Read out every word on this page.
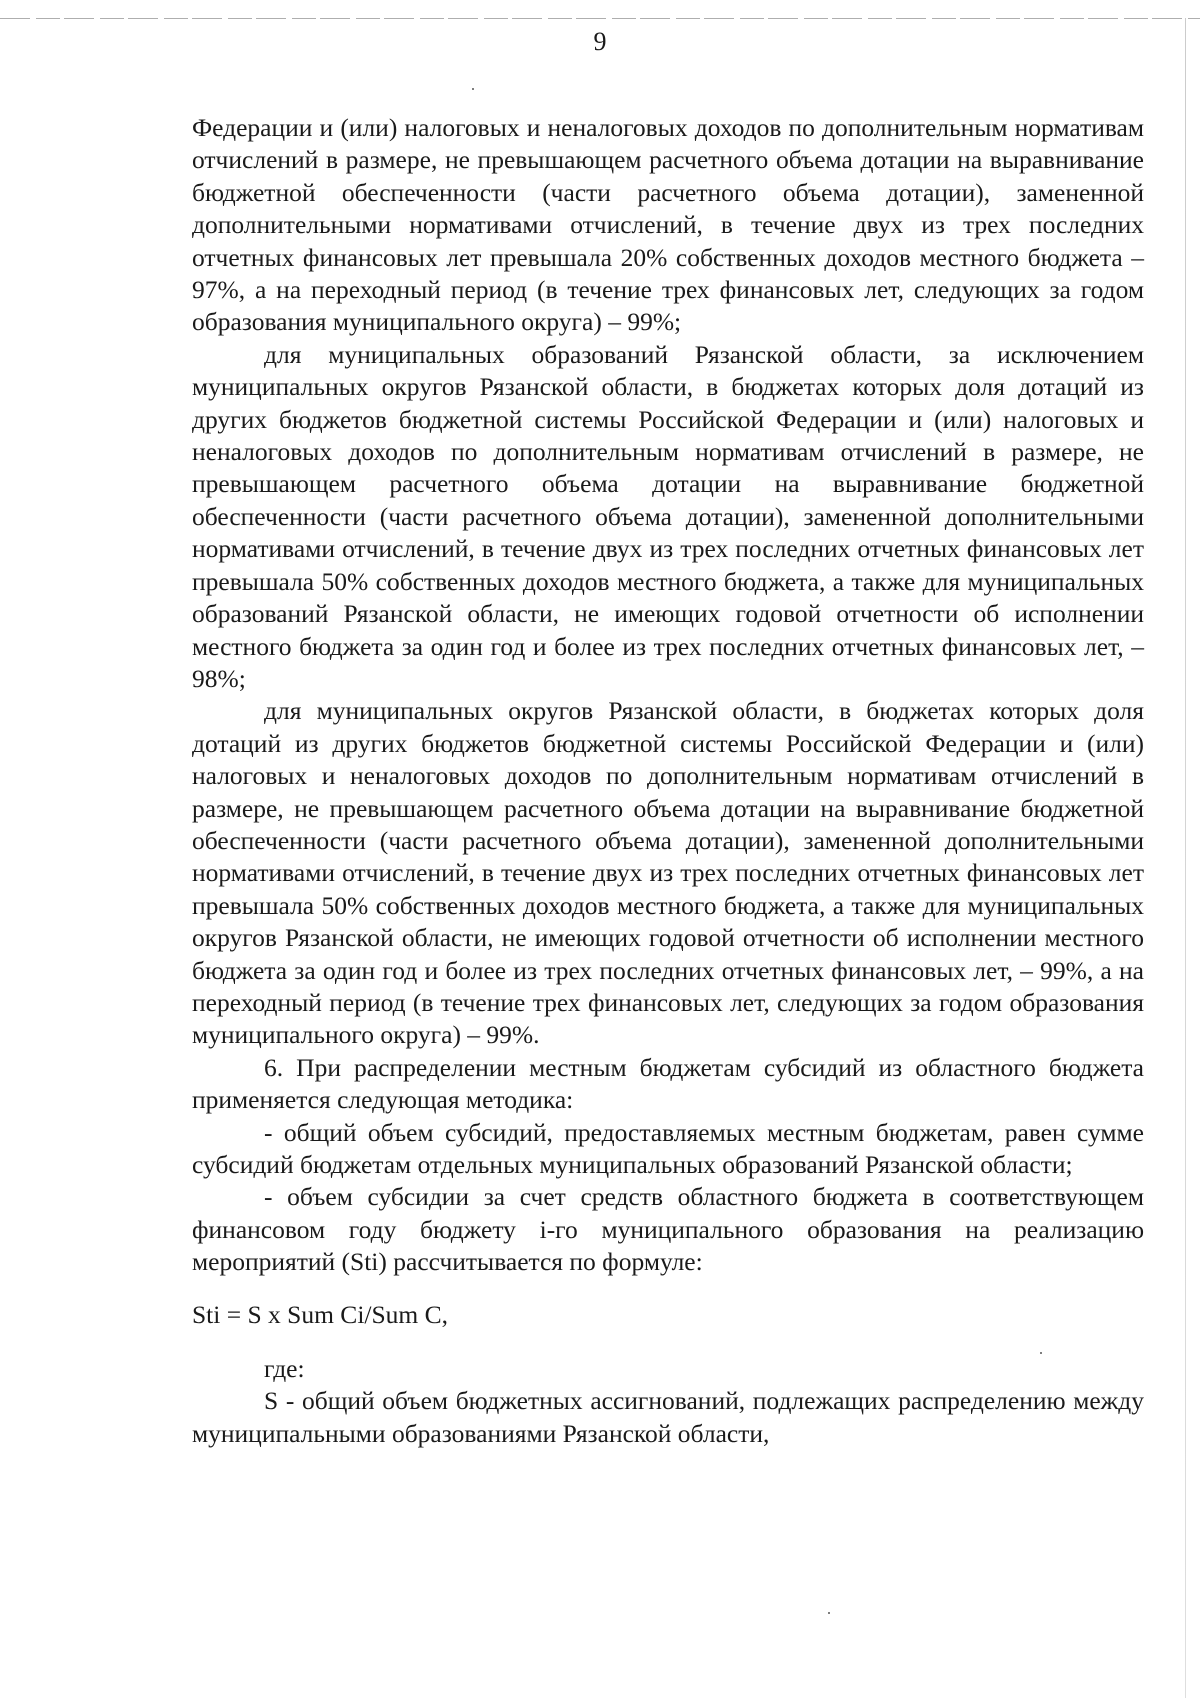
9

Федерации и (или) налоговых и неналоговых доходов по дополнительным нормативам отчислений в размере, не превышающем расчетного объема дотации на выравнивание бюджетной обеспеченности (части расчетного объема дотации), замененной дополнительными нормативами отчислений, в течение двух из трех последних отчетных финансовых лет превышала 20% собственных доходов местного бюджета – 97%, а на переходный период (в течение трех финансовых лет, следующих за годом образования муниципального округа) – 99%;

для муниципальных образований Рязанской области, за исключением муниципальных округов Рязанской области, в бюджетах которых доля дотаций из других бюджетов бюджетной системы Российской Федерации и (или) налоговых и неналоговых доходов по дополнительным нормативам отчислений в размере, не превышающем расчетного объема дотации на выравнивание бюджетной обеспеченности (части расчетного объема дотации), замененной дополнительными нормативами отчислений, в течение двух из трех последних отчетных финансовых лет превышала 50% собственных доходов местного бюджета, а также для муниципальных образований Рязанской области, не имеющих годовой отчетности об исполнении местного бюджета за один год и более из трех последних отчетных финансовых лет, – 98%;

для муниципальных округов Рязанской области, в бюджетах которых доля дотаций из других бюджетов бюджетной системы Российской Федерации и (или) налоговых и неналоговых доходов по дополнительным нормативам отчислений в размере, не превышающем расчетного объема дотации на выравнивание бюджетной обеспеченности (части расчетного объема дотации), замененной дополнительными нормативами отчислений, в течение двух из трех последних отчетных финансовых лет превышала 50% собственных доходов местного бюджета, а также для муниципальных округов Рязанской области, не имеющих годовой отчетности об исполнении местного бюджета за один год и более из трех последних отчетных финансовых лет, – 99%, а на переходный период (в течение трех финансовых лет, следующих за годом образования муниципального округа) – 99%.

6. При распределении местным бюджетам субсидий из областного бюджета применяется следующая методика:

- общий объем субсидий, предоставляемых местным бюджетам, равен сумме субсидий бюджетам отдельных муниципальных образований Рязанской области;

- объем субсидии за счет средств областного бюджета в соответствующем финансовом году бюджету i-го муниципального образования на реализацию мероприятий (Sti) рассчитывается по формуле:

Sti = S x Sum Ci/Sum C,

где:

S - общий объем бюджетных ассигнований, подлежащих распределению между муниципальными образованиями Рязанской области,
